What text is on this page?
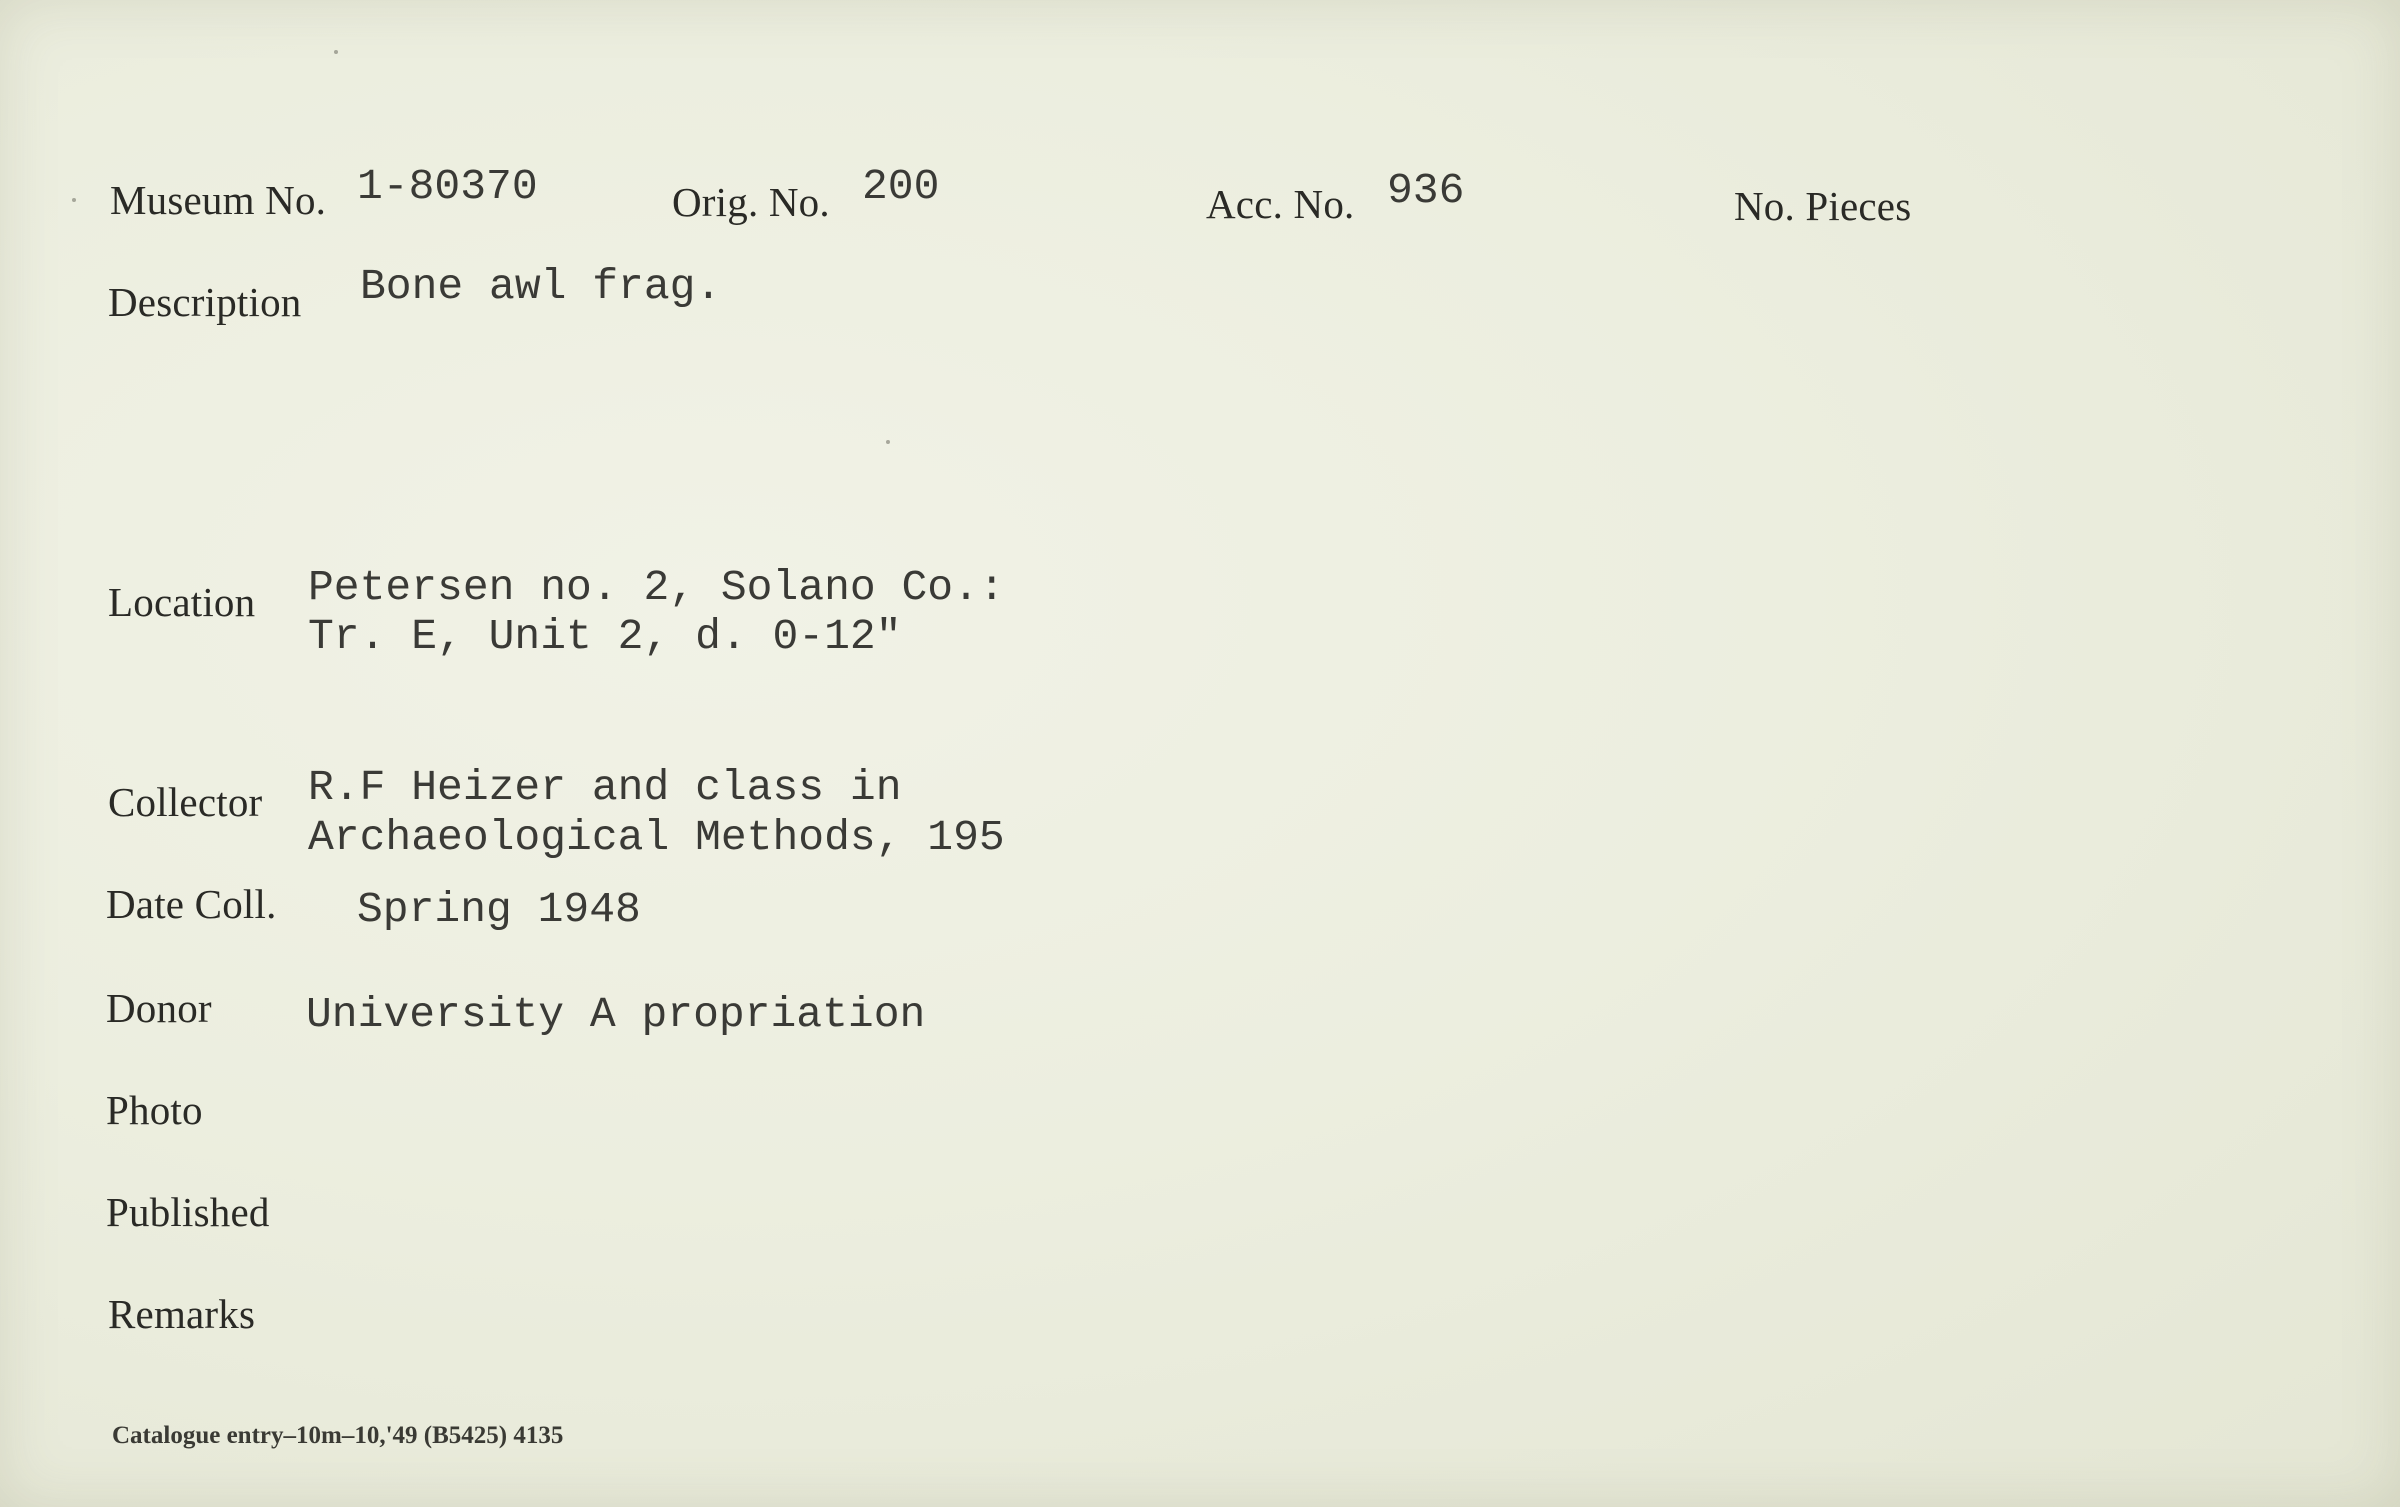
Museum No. 1-80370	Orig. No. 200	Acc. No. 936	No. Pieces
Description Bone awl frag.
Location Petersen no. 2, Solano Co.:
Tr. E, Unit 2, d. 0-12"
Collector R.F Heizer and class in
Archaeological Methods, 195
Date Coll. Spring 1948
Donor University A propriation
Photo
Published
Remarks
Catalogue entry–10m–10,'49 (B5425) 4135
